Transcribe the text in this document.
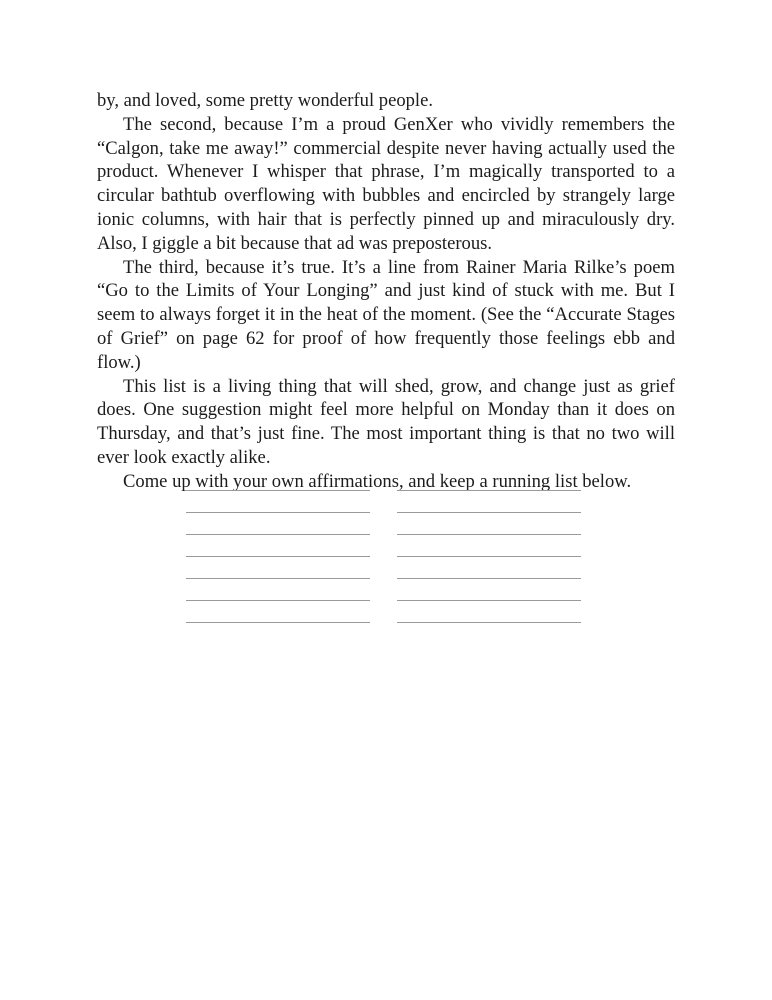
by, and loved, some pretty wonderful people.

The second, because I’m a proud GenXer who vividly remembers the “Calgon, take me away!” commercial despite never having actually used the product. Whenever I whisper that phrase, I’m magically transported to a circular bathtub overflowing with bubbles and encircled by strangely large ionic columns, with hair that is perfectly pinned up and miraculously dry. Also, I giggle a bit because that ad was preposterous.

The third, because it’s true. It’s a line from Rainer Maria Rilke’s poem “Go to the Limits of Your Longing” and just kind of stuck with me. But I seem to always forget it in the heat of the moment. (See the “Accurate Stages of Grief” on page 62 for proof of how frequently those feelings ebb and flow.)

This list is a living thing that will shed, grow, and change just as grief does. One suggestion might feel more helpful on Monday than it does on Thursday, and that’s just fine. The most important thing is that no two will ever look exactly alike.

Come up with your own affirmations, and keep a running list below.
